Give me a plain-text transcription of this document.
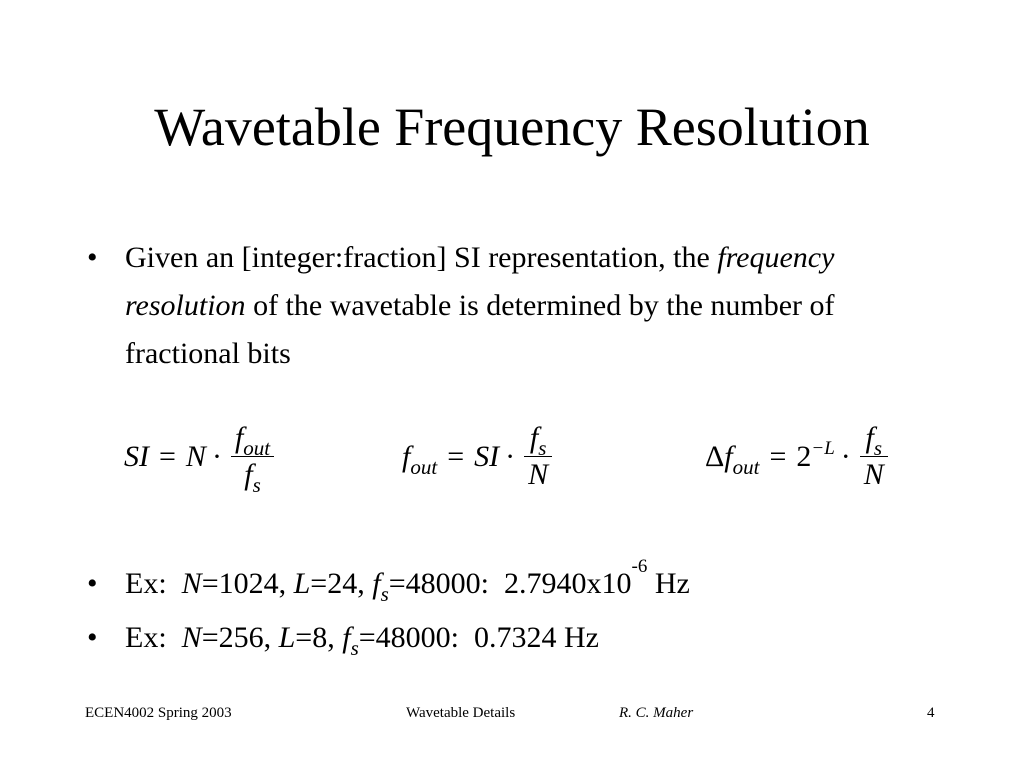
Wavetable Frequency Resolution
• Given an [integer:fraction] SI representation, the frequency resolution of the wavetable is determined by the number of fractional bits
SI = $N \cdot \frac{f_{out}}{f_s}$	$f_{out}$ = SI · $\frac{f_s}{N}$	$\Delta f_{out} = 2^{-L} \cdot \frac{f_s}{N}$
• Ex:  N=1024, L=24, $f_s=48000$:  $2.7940x10^{-6}$ Hz
• Ex:  N=256, L=8, $f_s=48000$:  0.7324 Hz
ECEN4002 Spring 2003	Wavetable Details	R. C. Maher	4
